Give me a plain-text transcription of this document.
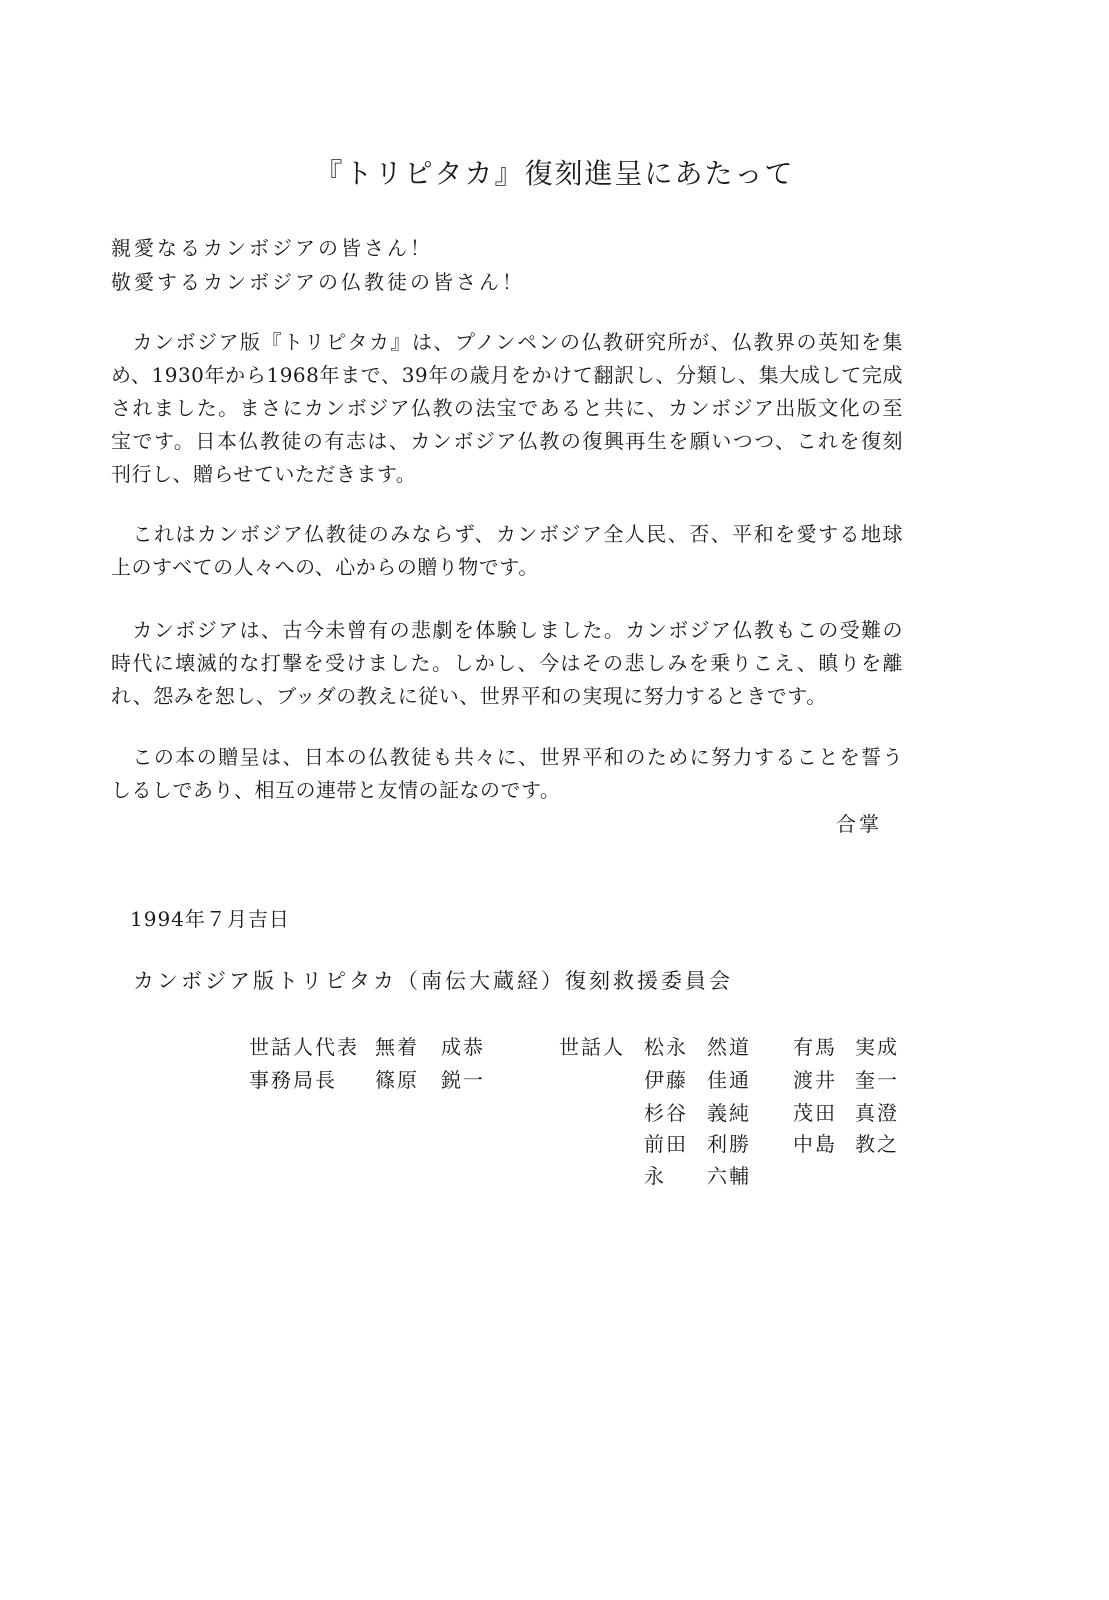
『トリピタカ』復刻進呈にあたって
親愛なるカンボジアの皆さん！
敬愛するカンボジアの仏教徒の皆さん！
　カンボジア版『トリピタカ』は、プノンペンの仏教研究所が、仏教界の英知を集
め、1930年から1968年まで、39年の歳月をかけて翻訳し、分類し、集大成して完成
されました。まさにカンボジア仏教の法宝であると共に、カンボジア出版文化の至
宝です。日本仏教徒の有志は、カンボジア仏教の復興再生を願いつつ、これを復刻
刊行し、贈らせていただきます。
　これはカンボジア仏教徒のみならず、カンボジア全人民、否、平和を愛する地球
上のすべての人々への、心からの贈り物です。
　カンボジアは、古今未曾有の悲劇を体験しました。カンボジア仏教もこの受難の
時代に壊滅的な打撃を受けました。しかし、今はその悲しみを乗りこえ、瞋りを離
れ、怨みを恕し、ブッダの教えに従い、世界平和の実現に努力するときです。
　この本の贈呈は、日本の仏教徒も共々に、世界平和のために努力することを誓う
しるしであり、相互の連帯と友情の証なのです。
合掌
1994年７月吉日
カンボジア版トリピタカ（南伝大蔵経）復刻救援委員会
世話人代表 無着 成恭
事務局長 篠原 鋭一
世話人 松永 然道
伊藤 佳通
杉谷 義純
前田 利勝
永 六輔
有馬 実成
渡井 奎一
茂田 真澄
中島 教之
